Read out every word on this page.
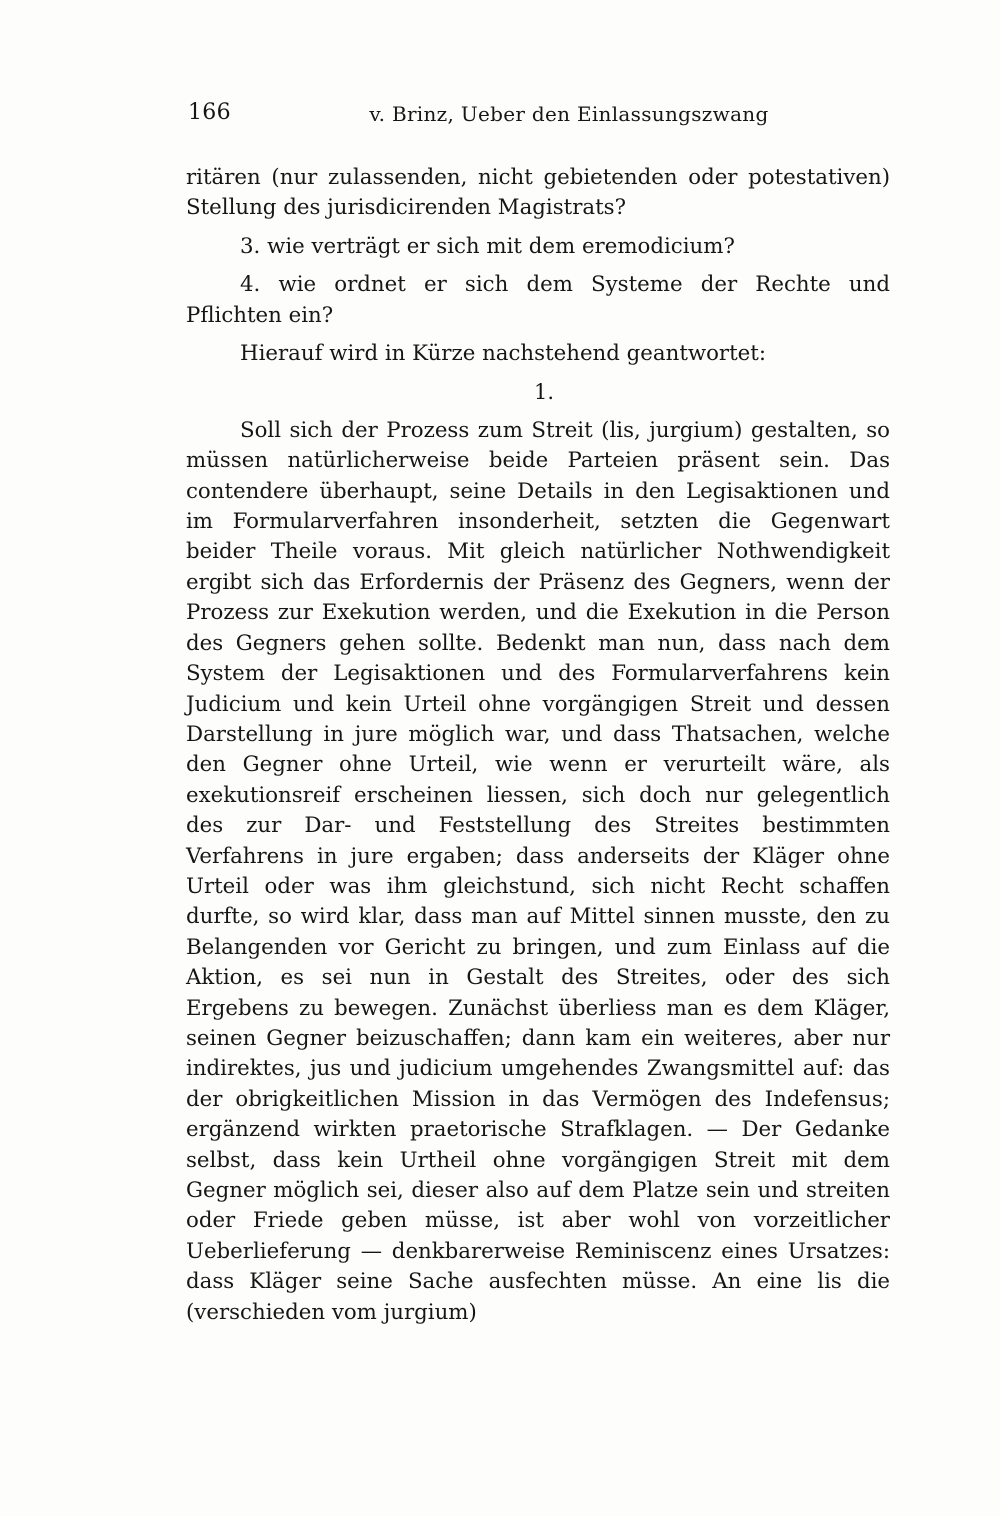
166	v. Brinz, Ueber den Einlassungszwang

ritären (nur zulassenden, nicht gebietenden oder potestativen) Stellung des jurisdicirenden Magistrats?

3. wie verträgt er sich mit dem eremodicium?

4. wie ordnet er sich dem Systeme der Rechte und Pflichten ein?

Hierauf wird in Kürze nachstehend geantwortet:

1.

Soll sich der Prozess zum Streit (lis, jurgium) gestalten, so müssen natürlicherweise beide Parteien präsent sein. Das contendere überhaupt, seine Details in den Legisaktionen und im Formularverfahren insonderheit, setzten die Gegenwart beider Theile voraus. Mit gleich natürlicher Nothwendigkeit ergibt sich das Erfordernis der Präsenz des Gegners, wenn der Prozess zur Exekution werden, und die Exekution in die Person des Gegners gehen sollte. Bedenkt man nun, dass nach dem System der Legisaktionen und des Formularverfahrens kein Judicium und kein Urteil ohne vorgängigen Streit und dessen Darstellung in jure möglich war, und dass Thatsachen, welche den Gegner ohne Urteil, wie wenn er verurteilt wäre, als exekutionsreif erscheinen liessen, sich doch nur gelegentlich des zur Dar- und Feststellung des Streites bestimmten Verfahrens in jure ergaben; dass anderseits der Kläger ohne Urteil oder was ihm gleichstund, sich nicht Recht schaffen durfte, so wird klar, dass man auf Mittel sinnen musste, den zu Belangenden vor Gericht zu bringen, und zum Einlass auf die Aktion, es sei nun in Gestalt des Streites, oder des sich Ergebens zu bewegen. Zunächst überliess man es dem Kläger, seinen Gegner beizuschaffen; dann kam ein weiteres, aber nur indirektes, jus und judicium umgehendes Zwangsmittel auf: das der obrigkeitlichen Mission in das Vermögen des Indefensus; ergänzend wirkten praetorische Strafklagen. — Der Gedanke selbst, dass kein Urtheil ohne vorgängigen Streit mit dem Gegner möglich sei, dieser also auf dem Platze sein und streiten oder Friede geben müsse, ist aber wohl von vorzeitlicher Ueberlieferung — denkbarerweise Reminiscenz eines Ursatzes: dass Kläger seine Sache ausfechten müsse. An eine lis die (verschieden vom jurgium)
